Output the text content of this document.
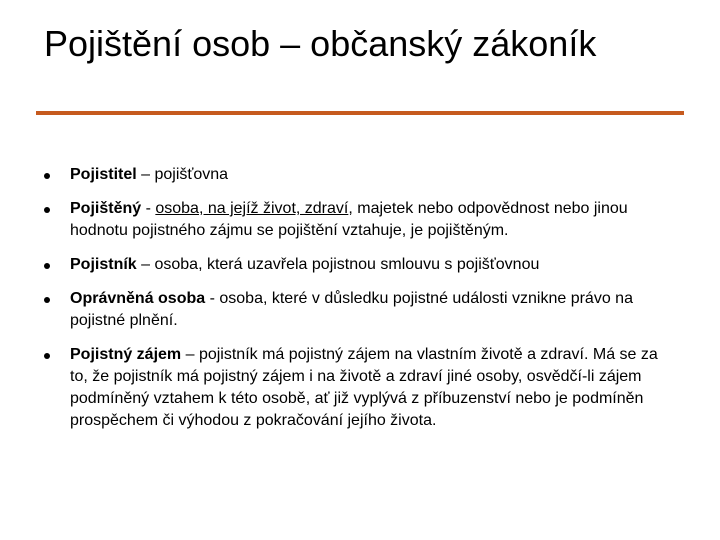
Pojištění osob – občanský zákoník
Pojistitel – pojišťovna
Pojištěný - osoba, na jejíž život, zdraví, majetek nebo odpovědnost nebo jinou hodnotu pojistného zájmu se pojištění vztahuje, je pojištěným.
Pojistník – osoba, která uzavřela pojistnou smlouvu s pojišťovnou
Oprávněná osoba - osoba, které v důsledku pojistné události vznikne právo na pojistné plnění.
Pojistný zájem – pojistník má pojistný zájem na vlastním životě a zdraví. Má se za to, že pojistník má pojistný zájem i na životě a zdraví jiné osoby, osvědčí-li zájem podmíněný vztahem k této osobě, ať již vyplývá z příbuzenství nebo je podmíněn prospěchem či výhodou z pokračování jejího života.
